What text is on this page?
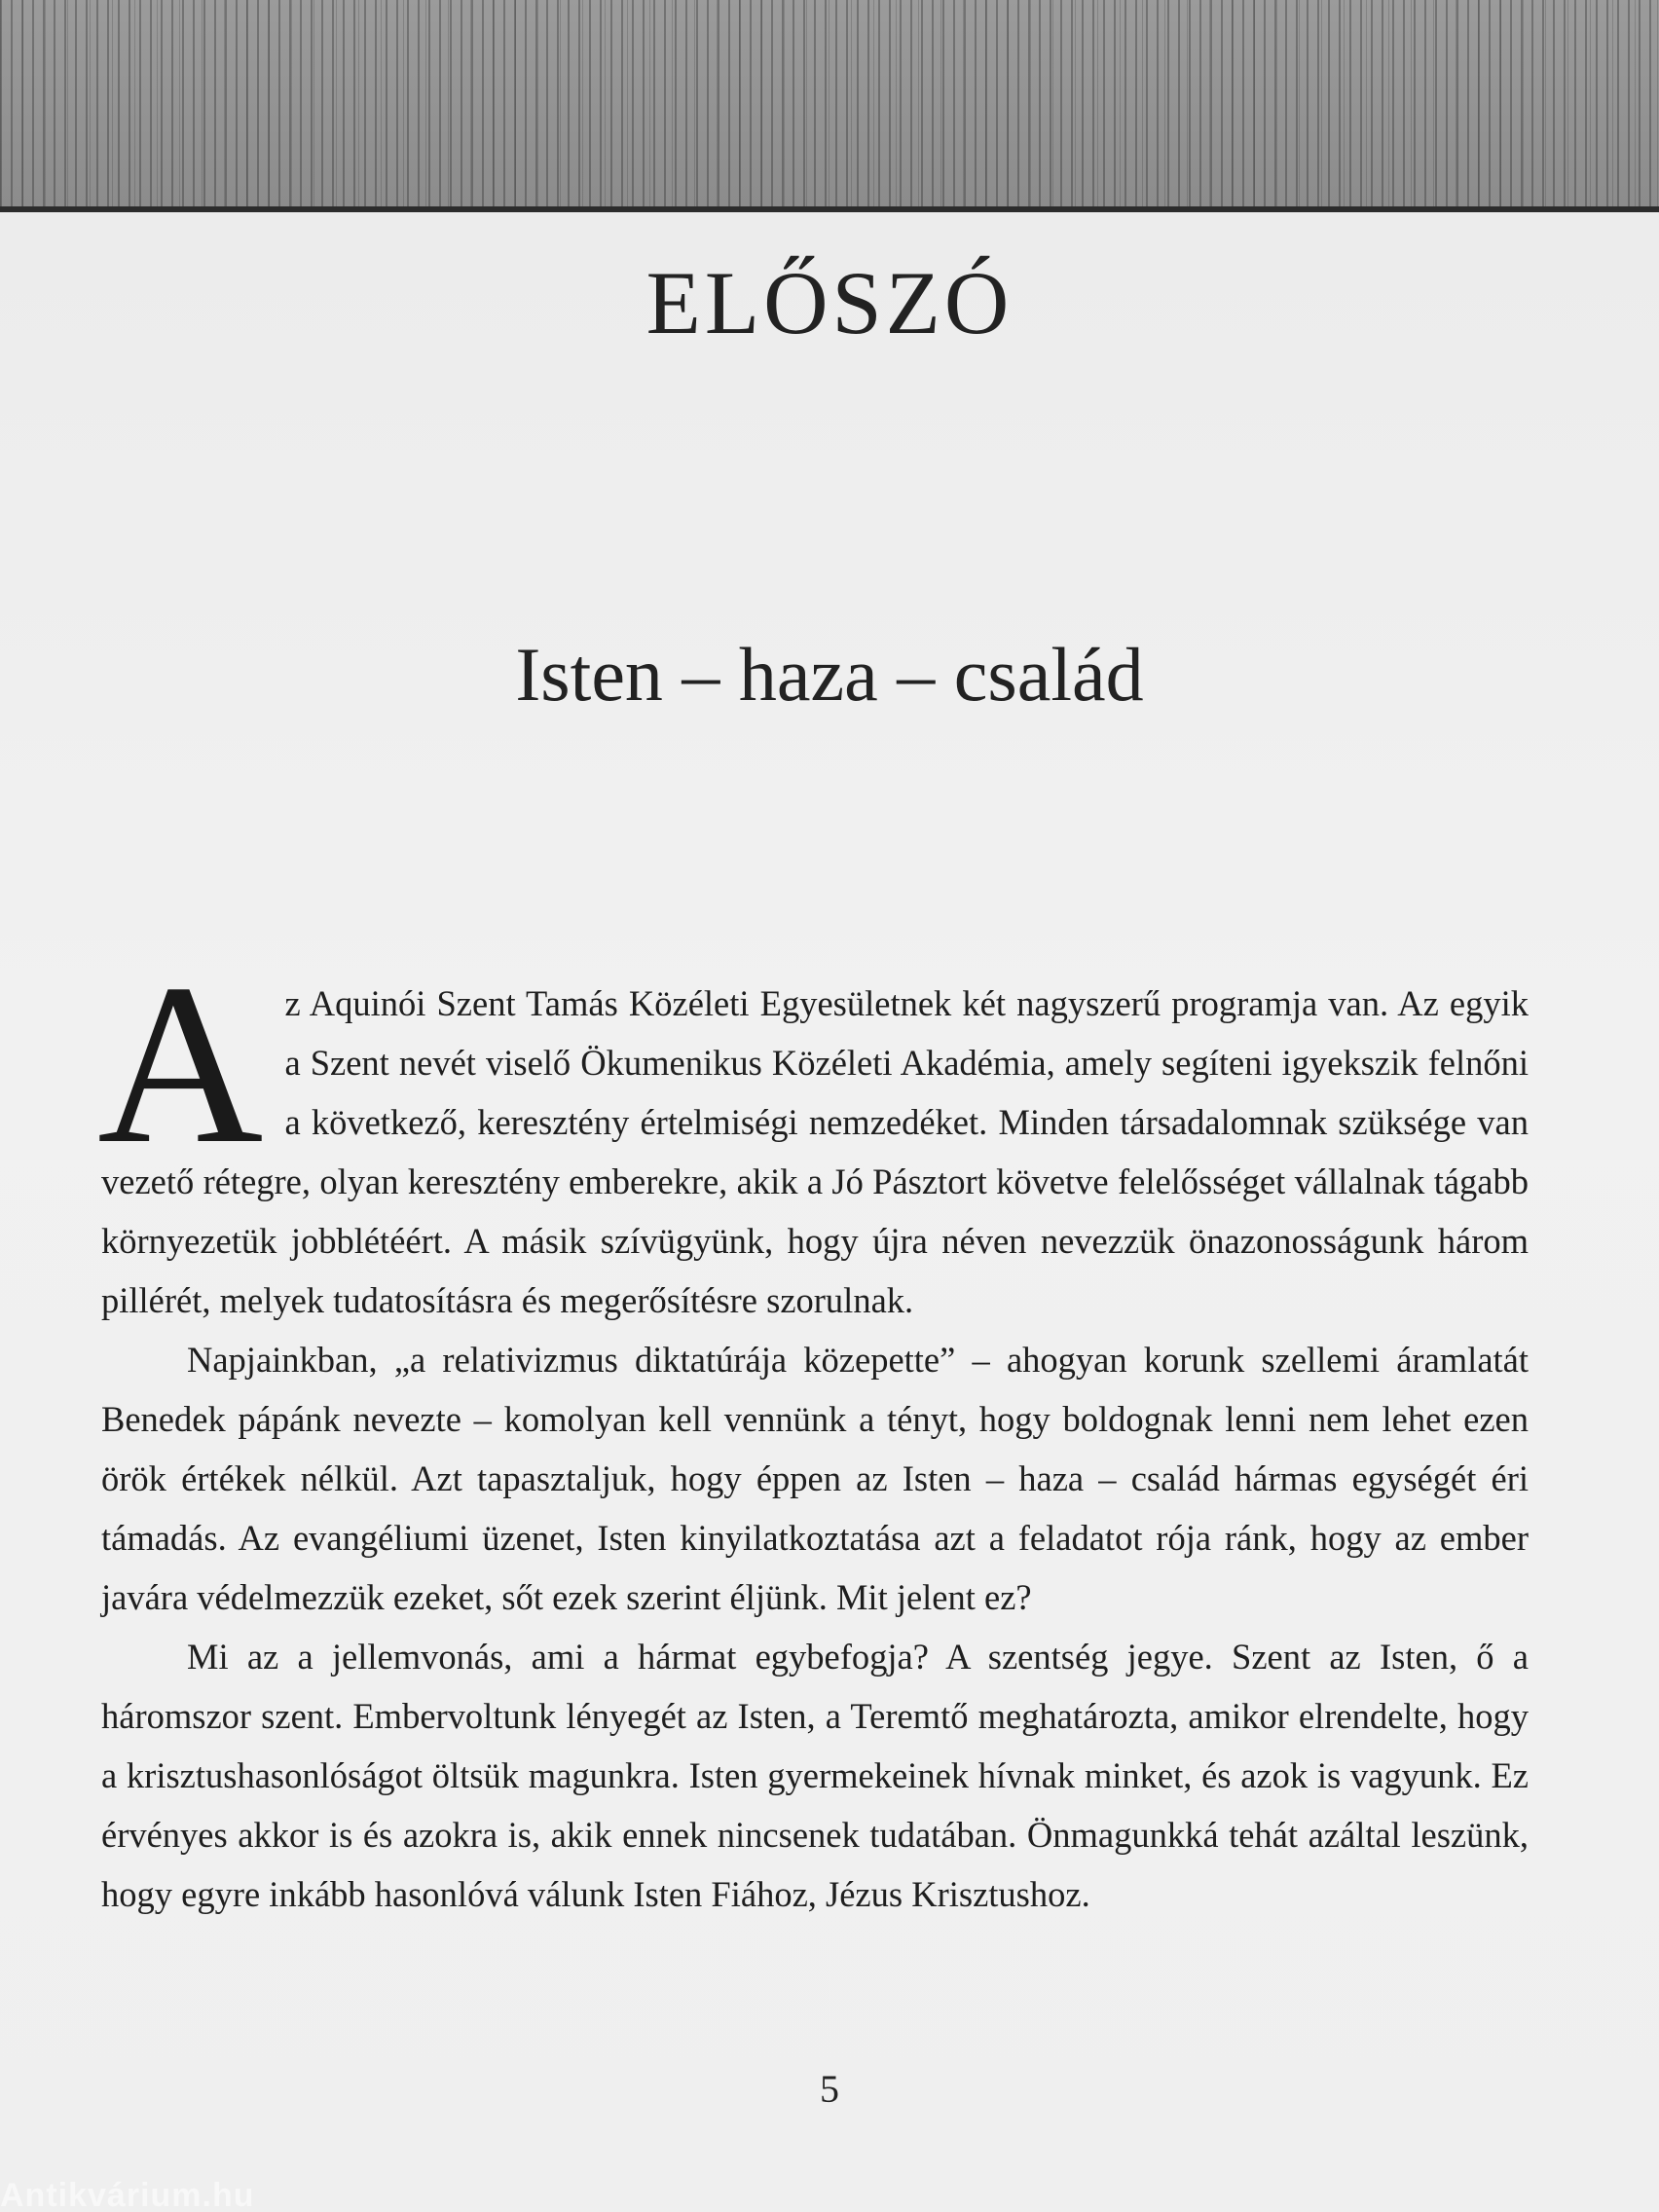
ELŐSZÓ
Isten – haza – család

Az Aquinói Szent Tamás Közéleti Egyesületnek két nagyszerű programja van. Az egyik a Szent nevét viselő Ökumenikus Közéleti Akadémia, amely segíteni igyekszik felnőni a következő, keresztény értelmiségi nemzedéket. Minden társadalomnak szüksége van vezető rétegre, olyan keresztény emberekre, akik a Jó Pásztort követve felelősséget vállalnak tágabb környezetük jobblétéért. A másik szívügyünk, hogy újra néven nevezzük önazonosságunk három pillérét, melyek tudatosításra és megerősítésre szorulnak.

Napjainkban, „a relativizmus diktatúrája közepette” – ahogyan korunk szellemi áramlatát Benedek pápánk nevezte – komolyan kell vennünk a tényt, hogy boldognak lenni nem lehet ezen örök értékek nélkül. Azt tapasztaljuk, hogy éppen az Isten – haza – család hármas egységét éri támadás. Az evangéliumi üzenet, Isten kinyilatkoztatása azt a feladatot rója ránk, hogy az ember javára védelmezzük ezeket, sőt ezek szerint éljünk. Mit jelent ez?

Mi az a jellemvonás, ami a hármat egybefogja? A szentség jegye. Szent az Isten, ő a háromszor szent. Embervoltunk lényegét az Isten, a Teremtő meghatározta, amikor elrendelte, hogy a krisztushasonlóságot öltsük magunkra. Isten gyermekeinek hívnak minket, és azok is vagyunk. Ez érvényes akkor is és azokra is, akik ennek nincsenek tudatában. Önmagunkká tehát azáltal leszünk, hogy egyre inkább hasonlóvá válunk Isten Fiához, Jézus Krisztushoz.

5
Antikvárium.hu
